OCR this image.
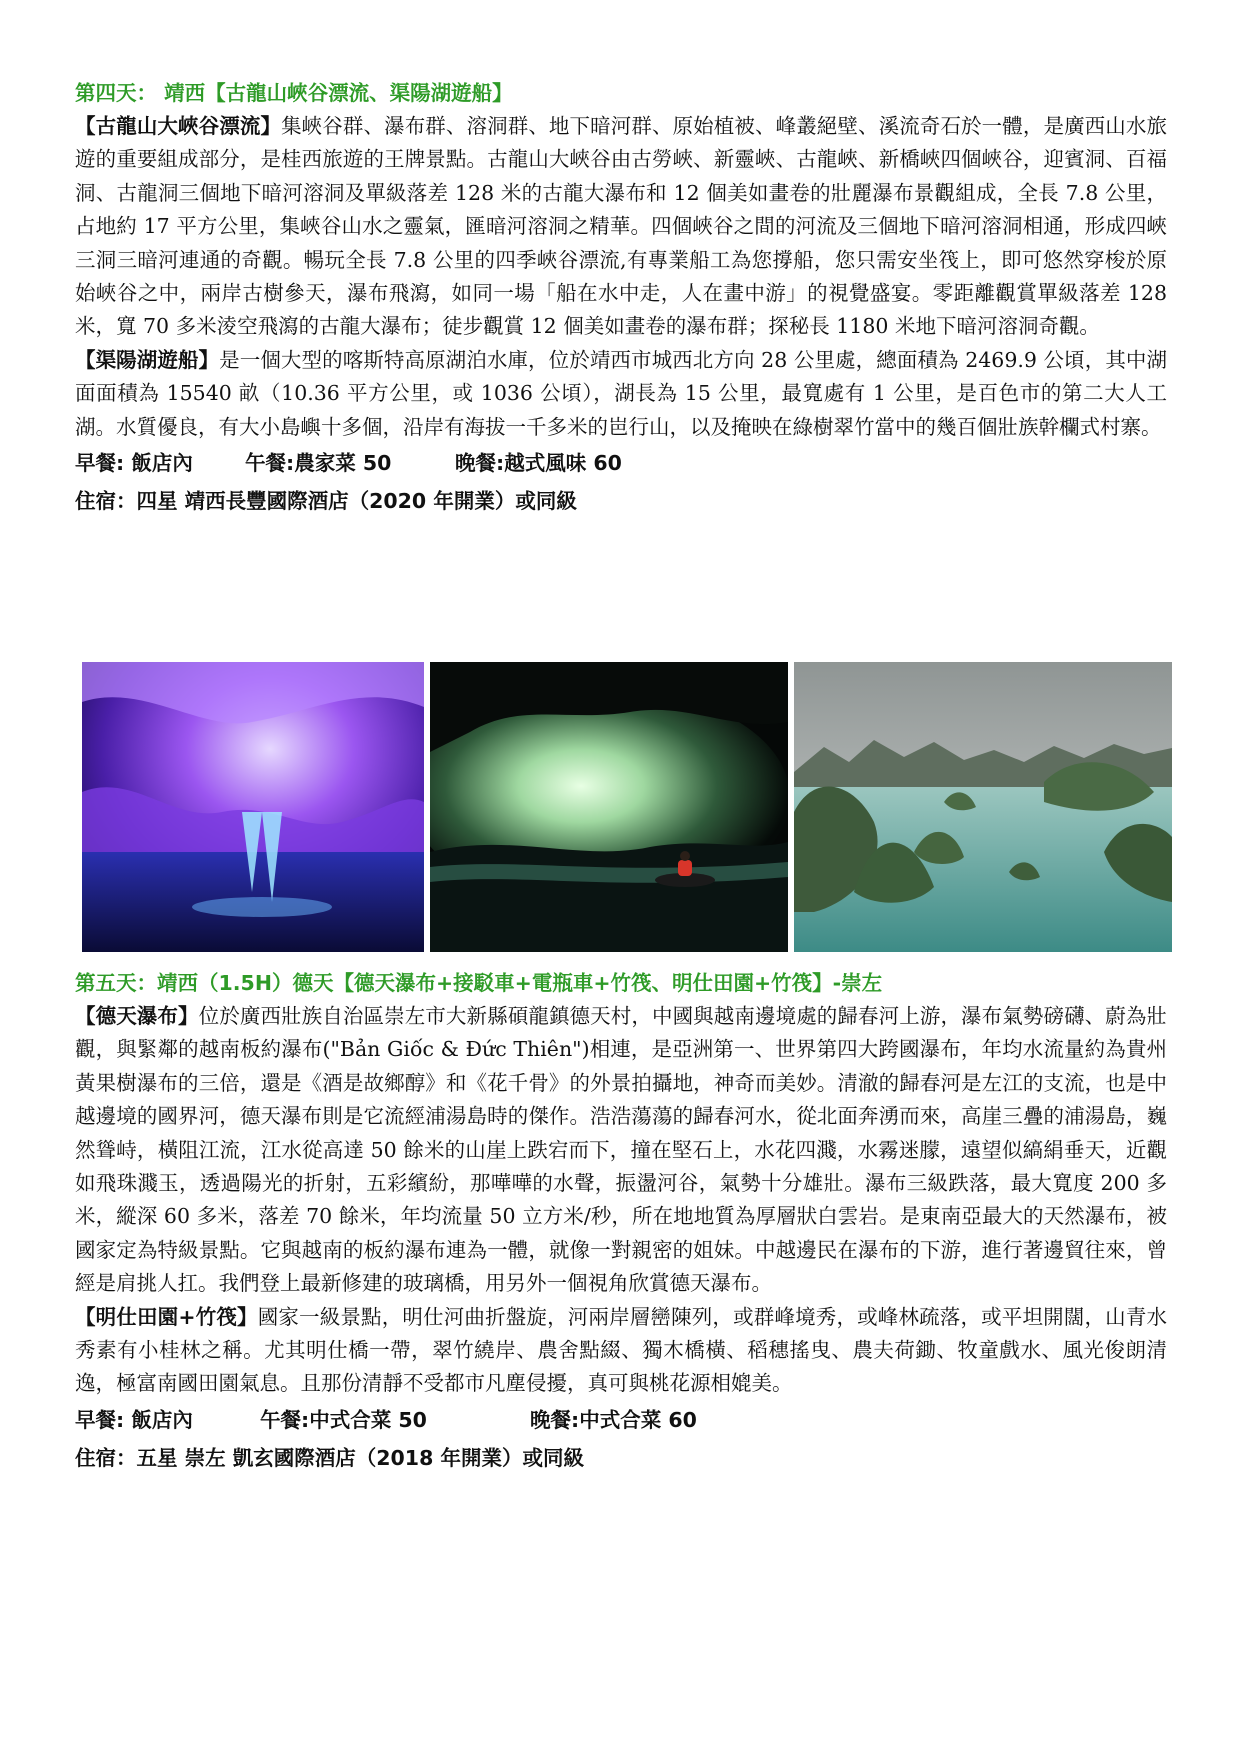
第四天： 靖西【古龍山峽谷漂流、渠陽湖遊船】

【古龍山大峽谷漂流】集峽谷群、瀑布群、溶洞群、地下暗河群、原始植被、峰叢絕壁、溪流奇石於一體，是廣西山水旅遊的重要組成部分，是桂西旅遊的王牌景點。古龍山大峽谷由古勞峽、新靈峽、古龍峽、新橋峽四個峽谷，迎賓洞、百福洞、古龍洞三個地下暗河溶洞及單級落差 128 米的古龍大瀑布和 12 個美如畫卷的壯麗瀑布景觀組成，全長 7.8 公里，占地約 17 平方公里，集峽谷山水之靈氣，匯暗河溶洞之精華。四個峽谷之間的河流及三個地下暗河溶洞相通，形成四峽三洞三暗河連通的奇觀。暢玩全長 7.8 公里的四季峽谷漂流,有專業船工為您撐船，您只需安坐筏上，即可悠然穿梭於原始峽谷之中，兩岸古樹參天，瀑布飛瀉，如同一場「船在水中走，人在畫中游」的視覺盛宴。零距離觀賞單級落差 128 米，寬 70 多米淩空飛瀉的古龍大瀑布；徒步觀賞 12 個美如畫卷的瀑布群；探秘長 1180 米地下暗河溶洞奇觀。

【渠陽湖遊船】是一個大型的喀斯特高原湖泊水庫，位於靖西市城西北方向 28 公里處，總面積為 2469.9 公頃，其中湖面面積為 15540 畝（10.36 平方公里，或 1036 公頃），湖長為 15 公里，最寬處有 1 公里，是百色市的第二大人工湖。水質優良，有大小島嶼十多個，沿岸有海拔一千多米的岜行山，以及掩映在綠樹翠竹當中的幾百個壯族幹欄式村寨。

早餐: 飯店內	午餐:農家菜 50	晚餐:越式風味 60
住宿：四星 靖西長豐國際酒店（2020 年開業）或同級
第五天：靖西（1.5H）德天【德天瀑布+接駁車+電瓶車+竹筏、明仕田園+竹筏】-崇左

【德天瀑布】位於廣西壯族自治區崇左市大新縣碩龍鎮德天村，中國與越南邊境處的歸春河上游，瀑布氣勢磅礴、蔚為壯觀，與緊鄰的越南板約瀑布("Bản Giốc & Đức Thiên")相連，是亞洲第一、世界第四大跨國瀑布，年均水流量約為貴州黃果樹瀑布的三倍，還是《酒是故鄉醇》和《花千骨》的外景拍攝地，神奇而美妙。清澈的歸春河是左江的支流，也是中越邊境的國界河，德天瀑布則是它流經浦湯島時的傑作。浩浩蕩蕩的歸春河水，從北面奔湧而來，高崖三疊的浦湯島，巍然聳峙，橫阻江流，江水從高達 50 餘米的山崖上跌宕而下，撞在堅石上，水花四濺，水霧迷朦，遠望似縞絹垂天，近觀如飛珠濺玉，透過陽光的折射，五彩繽紛，那嘩嘩的水聲，振盪河谷，氣勢十分雄壯。瀑布三級跌落，最大寬度 200 多米，縱深 60 多米，落差 70 餘米，年均流量 50 立方米/秒，所在地地質為厚層狀白雲岩。是東南亞最大的天然瀑布，被國家定為特級景點。它與越南的板約瀑布連為一體，就像一對親密的姐妹。中越邊民在瀑布的下游，進行著邊貿往來，曾經是肩挑人扛。我們登上最新修建的玻璃橋，用另外一個視角欣賞德天瀑布。

【明仕田園+竹筏】國家一級景點，明仕河曲折盤旋，河兩岸層巒陳列，或群峰境秀，或峰林疏落，或平坦開闊，山青水秀素有小桂林之稱。尤其明仕橋一帶，翠竹繞岸、農舍點綴、獨木橋橫、稻穗搖曳、農夫荷鋤、牧童戲水、風光俊朗清逸，極富南國田園氣息。且那份清靜不受都市凡塵侵擾，真可與桃花源相媲美。

早餐: 飯店內	午餐:中式合菜 50	晚餐:中式合菜 60
住宿：五星 崇左 凱玄國際酒店（2018 年開業）或同級
